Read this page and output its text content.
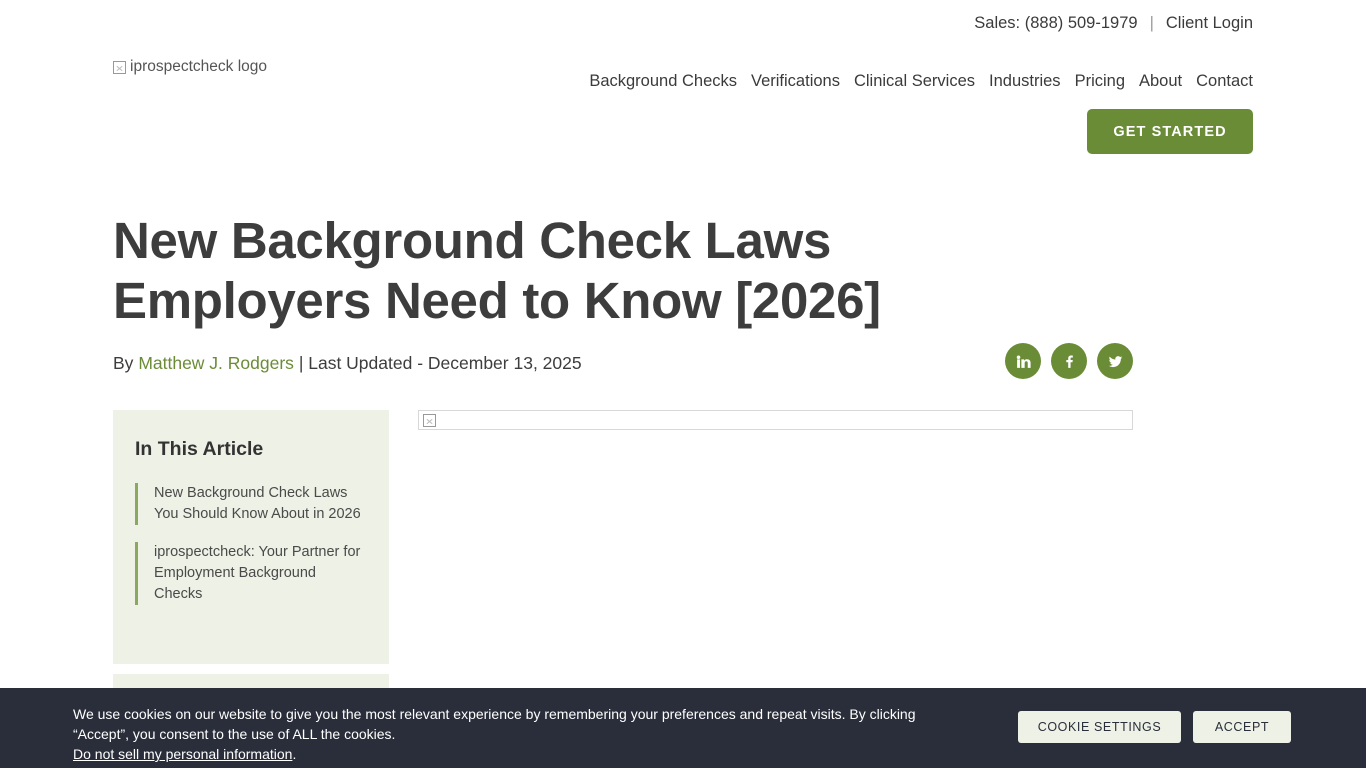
Sales: (888) 509-1979 | Client Login
iprospectcheck logo
Background Checks Verifications Clinical Services Industries Pricing About Contact
GET STARTED
New Background Check Laws Employers Need to Know [2026]
By Matthew J. Rodgers | Last Updated - December 13, 2025
In This Article
New Background Check Laws You Should Know About in 2026
iprospectcheck: Your Partner for Employment Background Checks
We use cookies on our website to give you the most relevant experience by remembering your preferences and repeat visits. By clicking “Accept”, you consent to the use of ALL the cookies.
Do not sell my personal information.
COOKIE SETTINGS	ACCEPT
